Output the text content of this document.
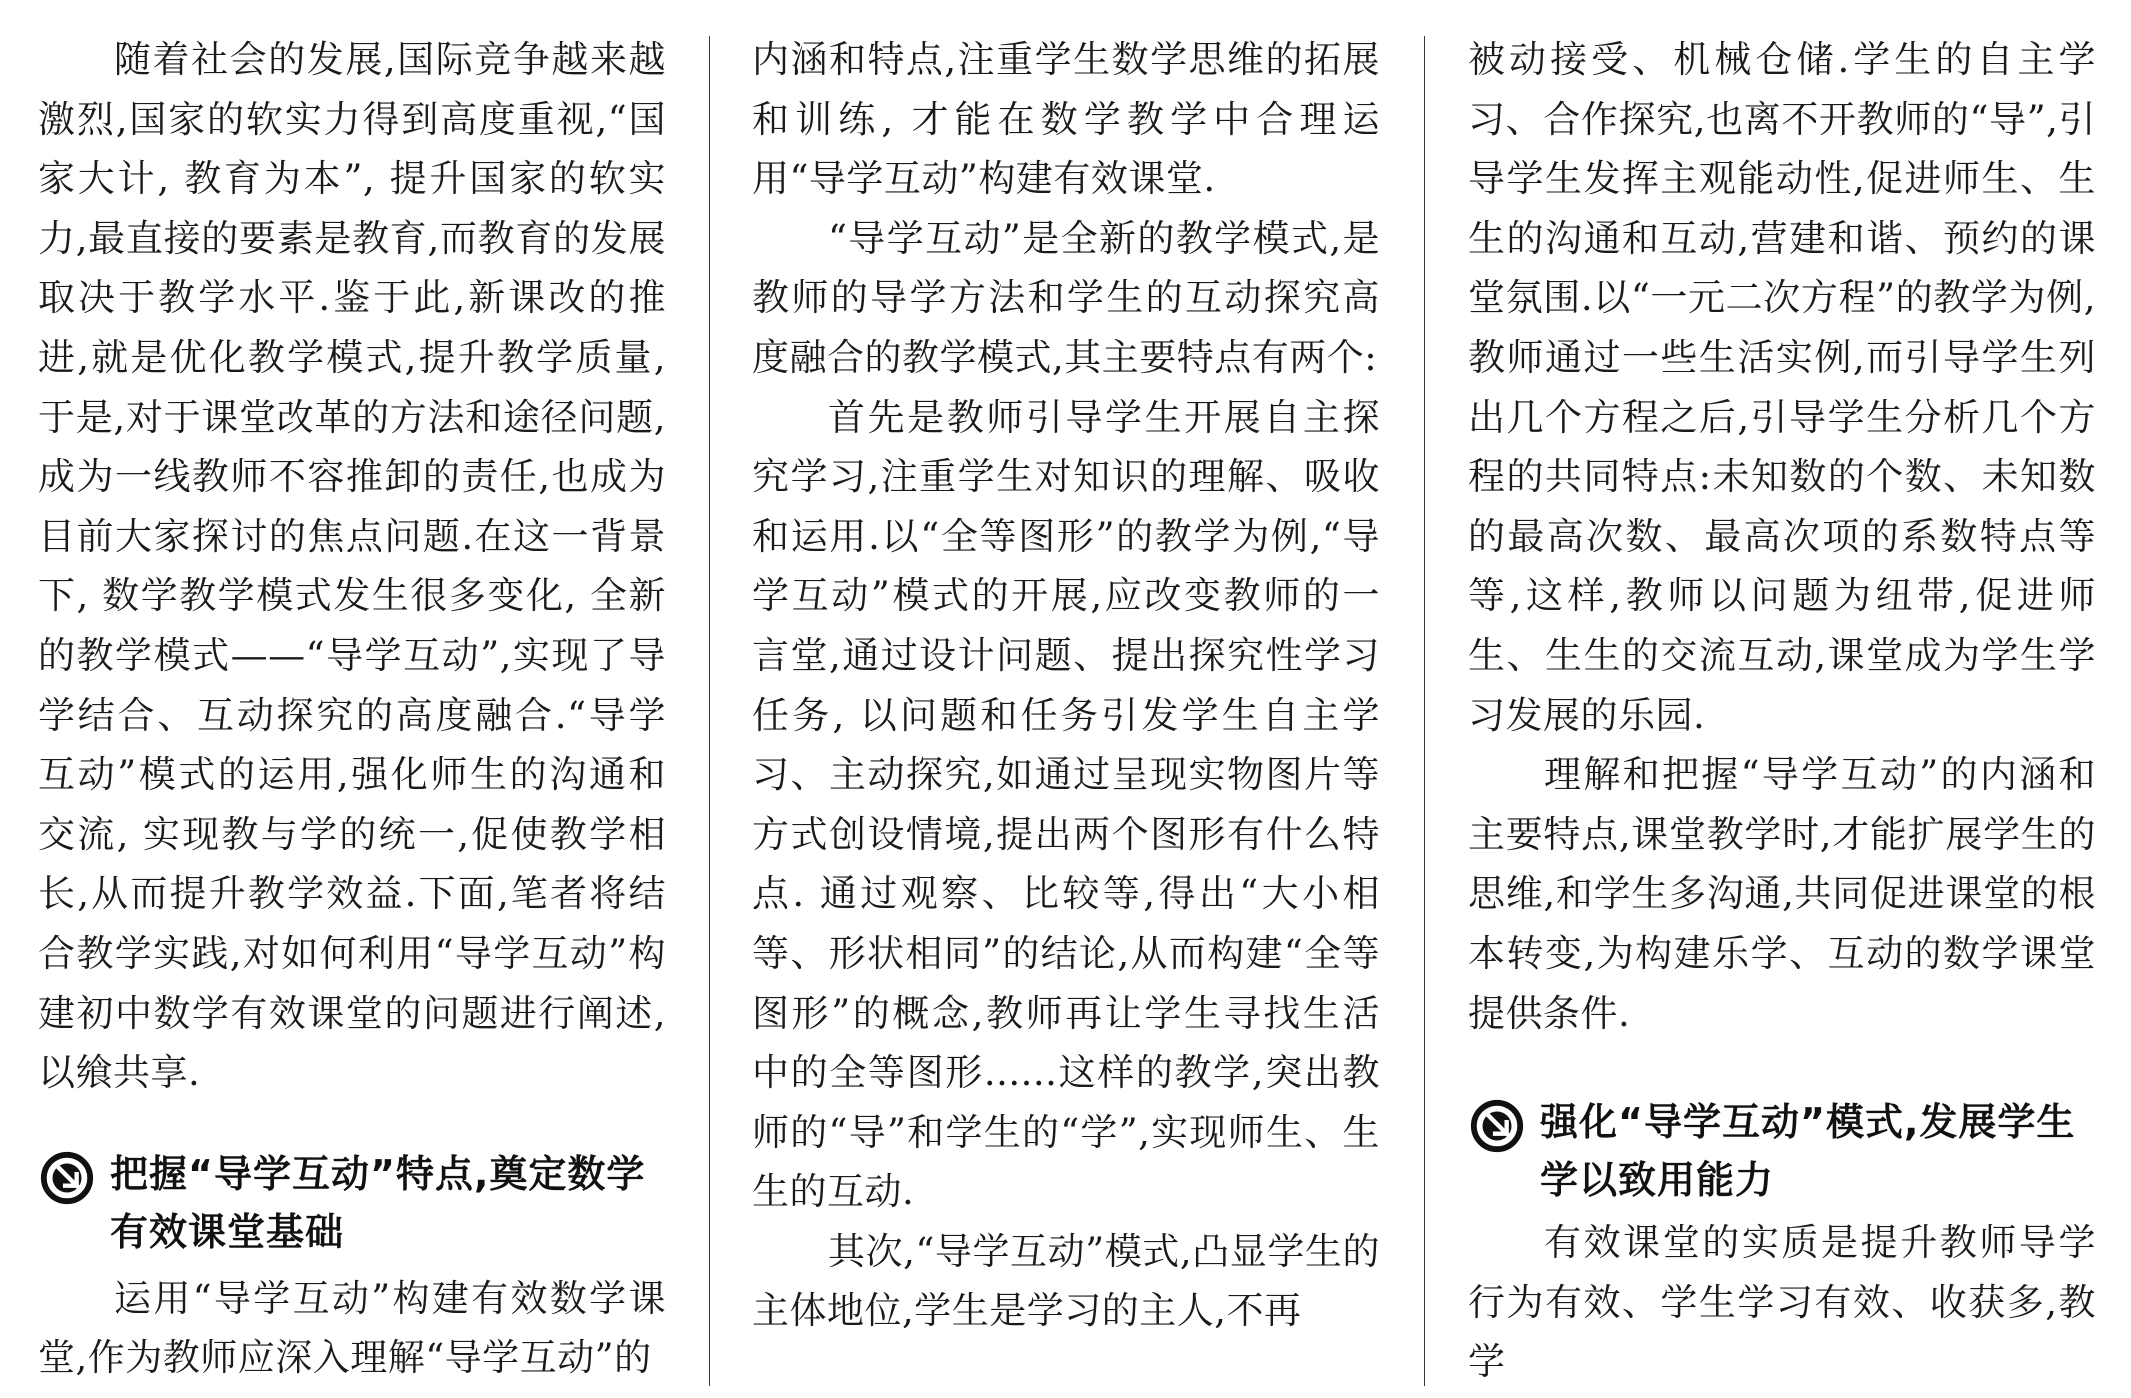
随着社会的发展,国际竞争越来越激烈,国家的软实力得到高度重视,“国家大计, 教育为本”, 提升国家的软实力,最直接的要素是教育,而教育的发展取决于教学水平.鉴于此,新课改的推进,就是优化教学模式,提升教学质量,于是,对于课堂改革的方法和途径问题, 成为一线教师不容推卸的责任,也成为目前大家探讨的焦点问题.在这一背景下, 数学教学模式发生很多变化, 全新的教学模式——“导学互动”,实现了导学结合、互动探究的高度融合.“导学互动”模式的运用,强化师生的沟通和交流, 实现教与学的统一,促使教学相长,从而提升教学效益.下面,笔者将结合教学实践,对如何利用“导学互动”构建初中数学有效课堂的问题进行阐述,以飨共享.

把握“导学互动”特点,奠定数学有效课堂基础

运用“导学互动”构建有效数学课堂,作为教师应深入理解“导学互动”的

内涵和特点,注重学生数学思维的拓展和训练, 才能在数学教学中合理运用“导学互动”构建有效课堂.

“导学互动”是全新的教学模式,是教师的导学方法和学生的互动探究高度融合的教学模式,其主要特点有两个:

首先是教师引导学生开展自主探究学习,注重学生对知识的理解、吸收和运用.以“全等图形”的教学为例,“导学互动”模式的开展,应改变教师的一言堂,通过设计问题、提出探究性学习任务, 以问题和任务引发学生自主学习、主动探究,如通过呈现实物图片等方式创设情境,提出两个图形有什么特点. 通过观察、比较等,得出“大小相等、形状相同”的结论,从而构建“全等图形”的概念,教师再让学生寻找生活中的全等图形......这样的教学,突出教师的“导”和学生的“学”,实现师生、生生的互动.

其次,“导学互动”模式,凸显学生的主体地位,学生是学习的主人,不再

被动接受、机械仓储.学生的自主学习、合作探究,也离不开教师的“导”,引导学生发挥主观能动性,促进师生、生生的沟通和互动,营建和谐、预约的课堂氛围.以“一元二次方程”的教学为例,教师通过一些生活实例,而引导学生列出几个方程之后,引导学生分析几个方程的共同特点:未知数的个数、未知数的最高次数、最高次项的系数特点等等,这样,教师以问题为纽带,促进师生、生生的交流互动,课堂成为学生学习发展的乐园.

理解和把握“导学互动”的内涵和主要特点,课堂教学时,才能扩展学生的思维,和学生多沟通,共同促进课堂的根本转变,为构建乐学、互动的数学课堂提供条件.

强化“导学互动”模式,发展学生学以致用能力

有效课堂的实质是提升教师导学行为有效、学生学习有效、收获多,教学
